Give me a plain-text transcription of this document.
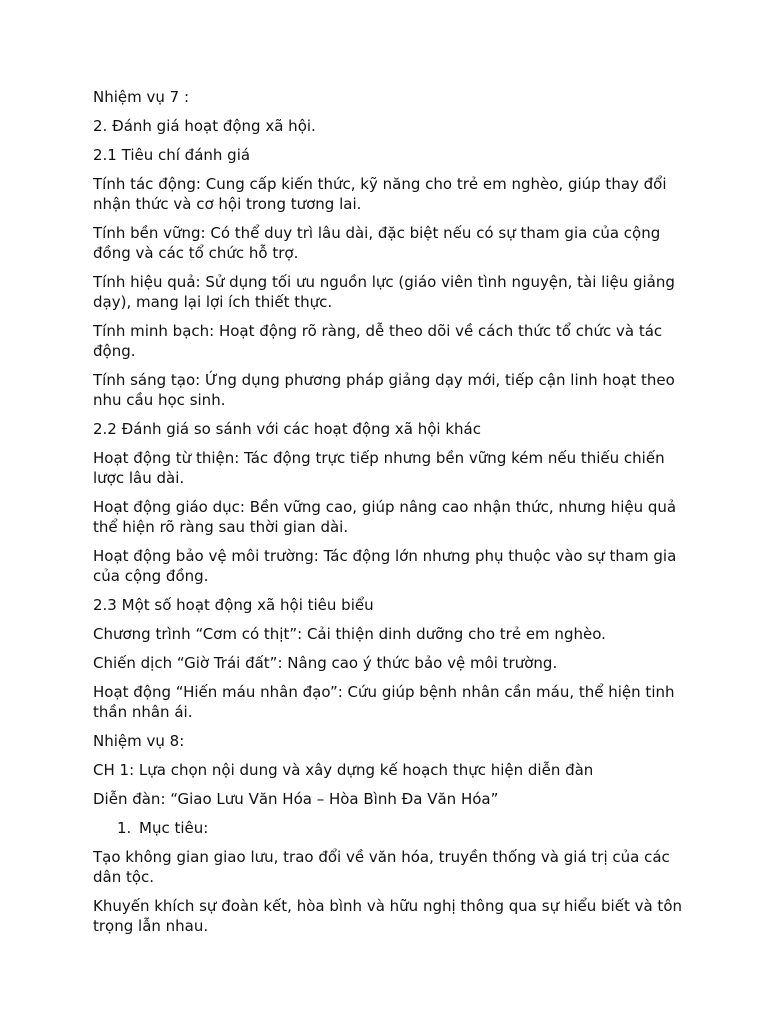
Nhiệm vụ 7 :

2. Đánh giá hoạt động xã hội.

2.1 Tiêu chí đánh giá

Tính tác động: Cung cấp kiến thức, kỹ năng cho trẻ em nghèo, giúp thay đổi nhận thức và cơ hội trong tương lai.

Tính bền vững: Có thể duy trì lâu dài, đặc biệt nếu có sự tham gia của cộng đồng và các tổ chức hỗ trợ.

Tính hiệu quả: Sử dụng tối ưu nguồn lực (giáo viên tình nguyện, tài liệu giảng dạy), mang lại lợi ích thiết thực.

Tính minh bạch: Hoạt động rõ ràng, dễ theo dõi về cách thức tổ chức và tác động.

Tính sáng tạo: Ứng dụng phương pháp giảng dạy mới, tiếp cận linh hoạt theo nhu cầu học sinh.

2.2 Đánh giá so sánh với các hoạt động xã hội khác

Hoạt động từ thiện: Tác động trực tiếp nhưng bền vững kém nếu thiếu chiến lược lâu dài.

Hoạt động giáo dục: Bền vững cao, giúp nâng cao nhận thức, nhưng hiệu quả thể hiện rõ ràng sau thời gian dài.

Hoạt động bảo vệ môi trường: Tác động lớn nhưng phụ thuộc vào sự tham gia của cộng đồng.

2.3 Một số hoạt động xã hội tiêu biểu

Chương trình “Cơm có thịt”: Cải thiện dinh dưỡng cho trẻ em nghèo.

Chiến dịch “Giờ Trái đất”: Nâng cao ý thức bảo vệ môi trường.

Hoạt động “Hiến máu nhân đạo”: Cứu giúp bệnh nhân cần máu, thể hiện tinh thần nhân ái.

Nhiệm vụ 8:

CH 1: Lựa chọn nội dung và xây dựng kế hoạch thực hiện diễn đàn

Diễn đàn: “Giao Lưu Văn Hóa – Hòa Bình Đa Văn Hóa”

1. Mục tiêu:

Tạo không gian giao lưu, trao đổi về văn hóa, truyền thống và giá trị của các dân tộc.

Khuyến khích sự đoàn kết, hòa bình và hữu nghị thông qua sự hiểu biết và tôn trọng lẫn nhau.
